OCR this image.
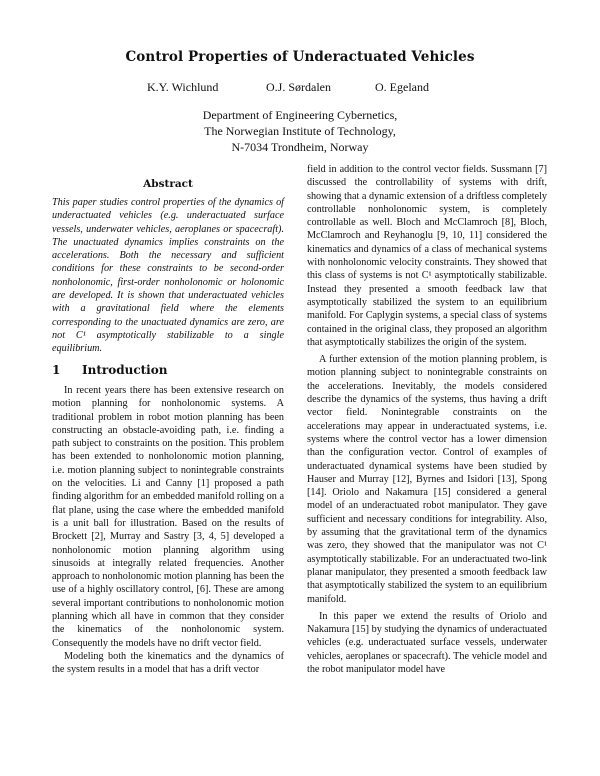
Control Properties of Underactuated Vehicles
K.Y. Wichlund	O.J. Sørdalen	O. Egeland
Department of Engineering Cybernetics,
The Norwegian Institute of Technology,
N-7034 Trondheim, Norway
Abstract

This paper studies control properties of the dynamics of underactuated vehicles (e.g. underactuated surface vessels, underwater vehicles, aeroplanes or spacecraft). The unactuated dynamics implies constraints on the accelerations. Both the necessary and sufficient conditions for these constraints to be second-order nonholonomic, first-order nonholonomic or holonomic are developed. It is shown that underactuated vehicles with a gravitational field where the elements corresponding to the unactuated dynamics are zero, are not C¹ asymptotically stabilizable to a single equilibrium.

1 Introduction

In recent years there has been extensive research on motion planning for nonholonomic systems. A traditional problem in robot motion planning has been constructing an obstacle-avoiding path, i.e. finding a path subject to constraints on the position. This problem has been extended to nonholonomic motion planning, i.e. motion planning subject to nonintegrable constraints on the velocities. Li and Canny [1] proposed a path finding algorithm for an embedded manifold rolling on a flat plane, using the case where the embedded manifold is a unit ball for illustration. Based on the results of Brockett [2], Murray and Sastry [3, 4, 5] developed a nonholonomic motion planning algorithm using sinusoids at integrally related frequencies. Another approach to nonholonomic motion planning has been the use of a highly oscillatory control, [6]. These are among several important contributions to nonholonomic motion planning which all have in common that they consider the kinematics of the nonholonomic system. Consequently the models have no drift vector field.

Modeling both the kinematics and the dynamics of the system results in a model that has a drift vector

field in addition to the control vector fields. Sussmann [7] discussed the controllability of systems with drift, showing that a dynamic extension of a driftless completely controllable nonholonomic system, is completely controllable as well. Bloch and McClamroch [8], Bloch, McClamroch and Reyhanoglu [9, 10, 11] considered the kinematics and dynamics of a class of mechanical systems with nonholonomic velocity constraints. They showed that this class of systems is not C¹ asymptotically stabilizable. Instead they presented a smooth feedback law that asymptotically stabilized the system to an equilibrium manifold. For Caplygin systems, a special class of systems contained in the original class, they proposed an algorithm that asymptotically stabilizes the origin of the system.

A further extension of the motion planning problem, is motion planning subject to nonintegrable constraints on the accelerations. Inevitably, the models considered describe the dynamics of the systems, thus having a drift vector field. Nonintegrable constraints on the accelerations may appear in underactuated systems, i.e. systems where the control vector has a lower dimension than the configuration vector. Control of examples of underactuated dynamical systems have been studied by Hauser and Murray [12], Byrnes and Isidori [13], Spong [14]. Oriolo and Nakamura [15] considered a general model of an underactuated robot manipulator. They gave sufficient and necessary conditions for integrability. Also, by assuming that the gravitational term of the dynamics was zero, they showed that the manipulator was not C¹ asymptotically stabilizable. For an underactuated two-link planar manipulator, they presented a smooth feedback law that asymptotically stabilized the system to an equilibrium manifold.

In this paper we extend the results of Oriolo and Nakamura [15] by studying the dynamics of underactuated vehicles (e.g. underactuated surface vessels, underwater vehicles, aeroplanes or spacecraft). The vehicle model and the robot manipulator model have
